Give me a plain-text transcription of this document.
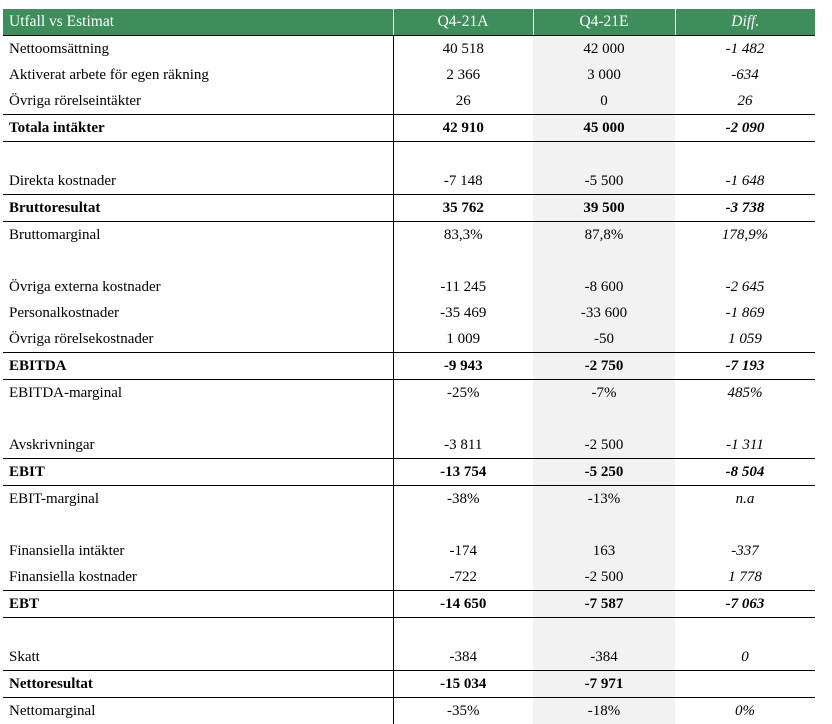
Utfall vs Estimat	Q4-21A	Q4-21E	Diff.
Nettoomsättning	40 518	42 000	-1 482
Aktiverat arbete för egen räkning	2 366	3 000	-634
Övriga rörelseintäkter	26	0	26
Totala intäkter	42 910	45 000	-2 090

Direkta kostnader	-7 148	-5 500	-1 648
Bruttoresultat	35 762	39 500	-3 738
Bruttomarginal	83,3%	87,8%	178,9%

Övriga externa kostnader	-11 245	-8 600	-2 645
Personalkostnader	-35 469	-33 600	-1 869
Övriga rörelsekostnader	1 009	-50	1 059
EBITDA	-9 943	-2 750	-7 193
EBITDA-marginal	-25%	-7%	485%

Avskrivningar	-3 811	-2 500	-1 311
EBIT	-13 754	-5 250	-8 504
EBIT-marginal	-38%	-13%	n.a

Finansiella intäkter	-174	163	-337
Finansiella kostnader	-722	-2 500	1 778
EBT	-14 650	-7 587	-7 063

Skatt	-384	-384	0
Nettoresultat	-15 034	-7 971	
Nettomarginal	-35%	-18%	0%
